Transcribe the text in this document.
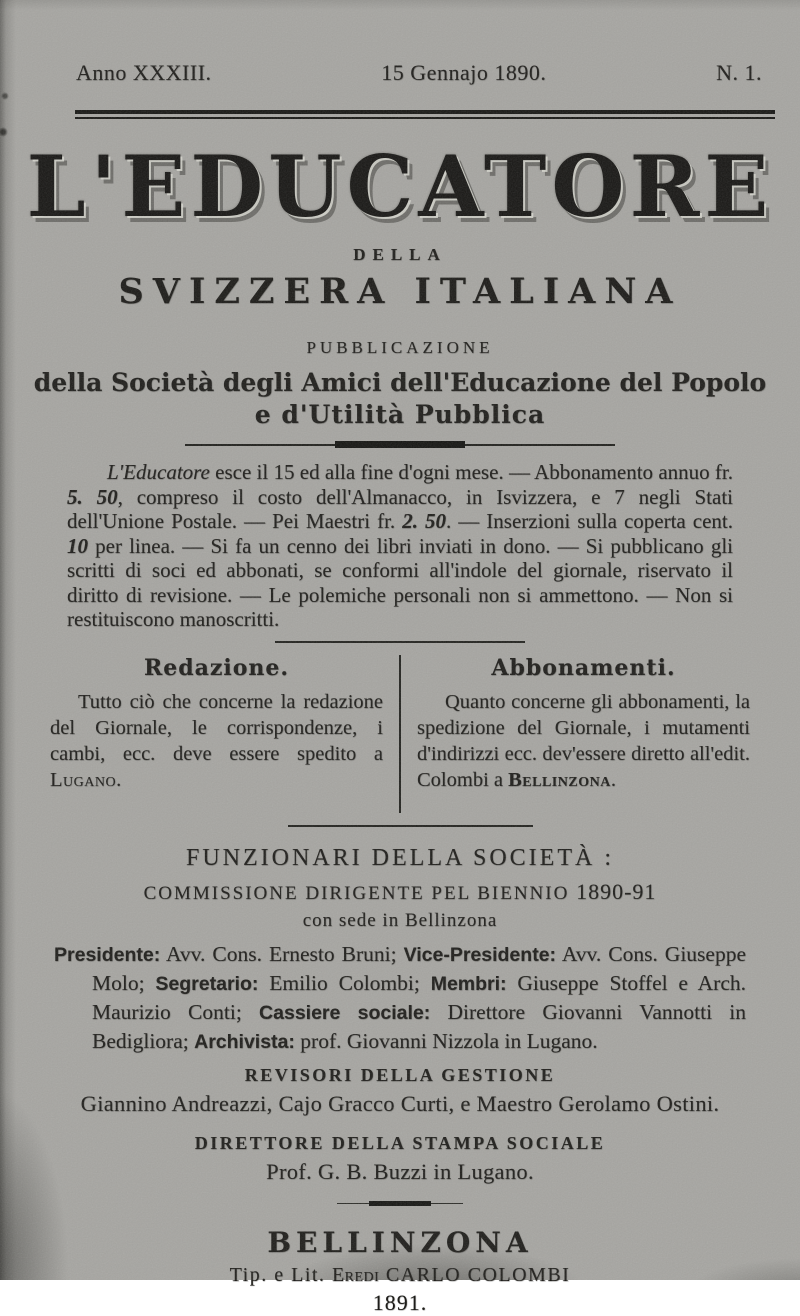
Anno XXXIII.	15 Gennajo 1890.	N. 1.
L'EDUCATORE
DELLA
SVIZZERA ITALIANA
PUBBLICAZIONE
della Società degli Amici dell'Educazione del Popolo
e d'Utilità Pubblica

L'Educatore esce il 15 ed alla fine d'ogni mese. — Abbonamento annuo fr. 5. 50, compreso il costo dell'Almanacco, in Isvizzera, e 7 negli Stati dell'Unione Postale. — Pei Maestri fr. 2. 50. — Inserzioni sulla coperta cent. 10 per linea. — Si fa un cenno dei libri inviati in dono. — Si pubblicano gli scritti di soci ed abbonati, se conformi all'indole del giornale, riservato il diritto di revisione. — Le polemiche personali non si ammettono. — Non si restituiscono manoscritti.

Redazione.

Tutto ciò che concerne la redazione del Giornale, le corrispondenze, i cambi, ecc. deve essere spedito a Lugano.

Abbonamenti.

Quanto concerne gli abbonamenti, la spedizione del Giornale, i mutamenti d'indirizzi ecc. dev'essere diretto all'edit. Colombi a Bellinzona.

FUNZIONARI DELLA SOCIETÀ :
COMMISSIONE DIRIGENTE PEL BIENNIO 1890-91
con sede in Bellinzona

Presidente: Avv. Cons. Ernesto Bruni; Vice-Presidente: Avv. Cons. Giuseppe Molo; Segretario: Emilio Colombi; Membri: Giuseppe Stoffel e Arch. Maurizio Conti; Cassiere sociale: Direttore Giovanni Vannotti in Bedigliora; Archivista: prof. Giovanni Nizzola in Lugano.

REVISORI DELLA GESTIONE
Giannino Andreazzi, Cajo Gracco Curti, e Maestro Gerolamo Ostini.
DIRETTORE DELLA STAMPA SOCIALE
Prof. G. B. Buzzi in Lugano.
BELLINZONA
Tip. e Lit. Eredi CARLO COLOMBI
1891.
